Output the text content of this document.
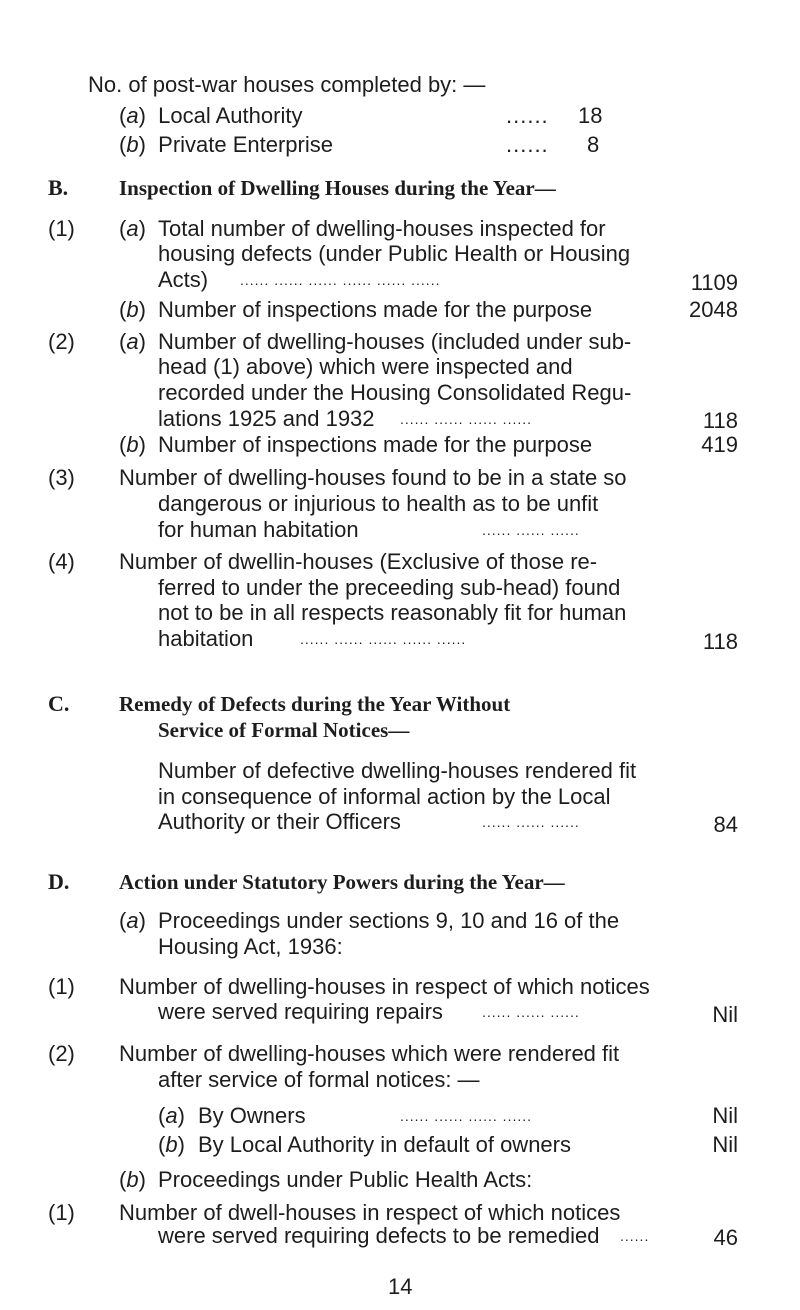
No. of post-war houses completed by: —
(a)  Local Authority	...... 18
(b)  Private Enterprise	...... 8
B. Inspection of Dwelling Houses during the Year—
(1) (a) Total number of dwelling-houses inspected for
housing defects (under Public Health or Housing
Acts) ...... ...... ...... ...... ...... ......	1109
(b) Number of inspections made for the purpose	2048
(2) (a) Number of dwelling-houses (included under sub-
head (1) above) which were inspected and
recorded under the Housing Consolidated Regu-
lations 1925 and 1932 ...... ...... ...... ......	118
(b) Number of inspections made for the purpose	419
(3) Number of dwelling-houses found to be in a state so
dangerous or injurious to health as to be unfit
for human habitation	...... ...... ......
(4) Number of dwellin-houses (Exclusive of those re-
ferred to under the preceeding sub-head) found
not to be in all respects reasonably fit for human
habitation	...... ...... ...... ...... ......	118
C. Remedy of Defects during the Year Without
Service of Formal Notices—
Number of defective dwelling-houses rendered fit
in consequence of informal action by the Local
Authority or their Officers	...... ...... ......	84
D. Action under Statutory Powers during the Year—
(a) Proceedings under sections 9, 10 and 16 of the
Housing Act, 1936:
(1) Number of dwelling-houses in respect of which notices
were served requiring repairs	...... ...... ......	Nil
(2) Number of dwelling-houses which were rendered fit
after service of formal notices: —
(a) By Owners	...... ...... ...... ......	Nil
(b) By Local Authority in default of owners	Nil
(b) Proceedings under Public Health Acts:
(1) Number of dwell-houses in respect of which notices
were served requiring defects to be remedied ......	46
14
